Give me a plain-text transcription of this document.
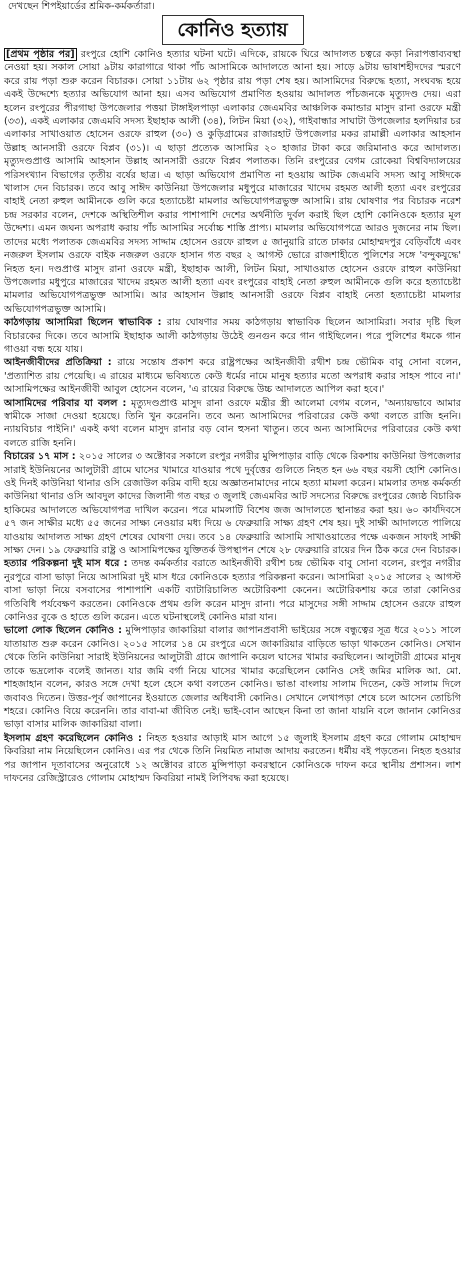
দেখছেন শিপইয়ার্ডের শ্রমিক-কর্মকর্তারা।
কোনিও হত্যায়

[প্রথম পৃষ্ঠার পর] রংপুরে হোশি কোনিও হত্যার ঘটনা ঘটে। এদিকে, রায়কে ঘিরে আদালত চত্বরে কড়া নিরাপত্তাব্যবস্থা নেওয়া হয়। সকাল সোয়া ৯টায় কারাগারে থাকা পাঁচ আসামিকে আদালতে আনা হয়। সাড়ে ৯টায় ভাষাশহীদদের স্মরণে করে রায় পড়া শুরু করেন বিচারক। সোয়া ১১টায় ৬২ পৃষ্ঠার রায় পড়া শেষ হয়। আসামিদের বিরুদ্ধে হত্যা, সংঘবদ্ধ হয়ে একই উদ্দেশ্যে হত্যার অভিযোগ আনা হয়। এসব অভিযোগ প্রমাণিত হওয়ায় আদালত পাঁচজনকে মৃত্যুদণ্ড দেয়। এরা হলেন রংপুরের পীরগাছা উপজেলার পত্তয়া টাঙ্গাইলপাড়া এলাকার জেএমবির আঞ্চলিক কমান্ডার মাসুদ রানা ওরফে মন্ত্রী (৩৩), একই এলাকার জেএমবি সদস্য ইছাহাক আলী (৩৪), লিটন মিয়া (৩২), গাইবান্ধার সাঘাটা উপজেলার হলদিয়ার চর এলাকার সাখাওয়াত হোসেন ওরফে রাহুল (৩০) ও কুড়িগ্রামের রাজারহাট উপজেলার মকর রামাল্লী এলাকার আহসান উল্লাহ আনসারী ওরফে বিপ্লব (৩১)। এ ছাড়া প্রত্যেক আসামির ২০ হাজার টাকা করে জরিমানাও করে আদালত। মৃত্যুদণ্ডপ্রাপ্ত আসামি আহসান উল্লাহ আনসারী ওরফে বিপ্লব পলাতক। তিনি রংপুরের বেগম রোকেয়া বিশ্ববিদ্যালয়ের পরিসংখ্যান বিভাগের তৃতীয় বর্ষের ছাত্র। এ ছাড়া অভিযোগ প্রমাণিত না হওয়ায় আটক জেএমবি সদস্য আবু সাঈদকে খালাস দেন বিচারক। তবে আবু সাঈদ কাউনিয়া উপজেলার মধুপুরে মাজারের খাদেম রহমত আলী হত্যা এবং রংপুরের বাহাই নেতা রুহুল আমীনকে গুলি করে হত্যাচেষ্টা মামলার অভিযোগপত্রভুক্ত আসামি। রায় ঘোষণার পর বিচারক নরেশ চন্দ্র সরকার বলেন, দেশকে অস্থিতিশীল করার পাশাপাশি দেশের অর্থনীতি দুর্বল করাই ছিল হোশি কোনিওকে হত্যার মূল উদ্দেশ্য। এমন জঘন্য অপরাধ করায় পাঁচ আসামির সর্বোচ্চ শাস্তি প্রাপ্য। মামলার অভিযোগপত্রে আরও দুজনের নাম ছিল। তাদের মধ্যে পলাতক জেএমবির সদস্য সাদ্দাম হোসেন ওরফে রাহুল ৫ জানুয়ারি রাতে ঢাকার মোহাম্মদপুর বেড়িবাঁধে এবং নজরুল ইসলাম ওরফে বাইক নজরুল ওরফে হাসান গত বছর ২ আগস্ট ভোরে রাজশাহীতে পুলিশের সঙ্গে 'বন্দুকযুদ্ধে' নিহত হন। দণ্ডপ্রাপ্ত মাসুদ রানা ওরফে মন্ত্রী, ইছাহাক আলী, লিটন মিয়া, সাখাওয়াত হোসেন ওরফে রাহুল কাউনিয়া উপজেলার মধুপুরে মাজারের খাদেম রহমত আলী হত্যা এবং রংপুরের বাহাই নেতা রুহুল আমীনকে গুলি করে হত্যাচেষ্টা মামলার অভিযোগপত্রভুক্ত আসামি। আর আহসান উল্লাহ আনসারী ওরফে বিপ্লব বাহাই নেতা হত্যাচেষ্টা মামলার অভিযোগপত্রভুক্ত আসামি।

কাঠগড়ায় আসামিরা ছিলেন স্বাভাবিক : রায় ঘোষণার সময় কাঠগড়ায় স্বাভাবিক ছিলেন আসামিরা। সবার দৃষ্টি ছিল বিচারকের দিকে। তবে আসামি ইছাহাক আলী কাঠগড়ায় উঠেই গুনগুন করে গান গাইছিলেন। পরে পুলিশের ধমকে গান গাওয়া বন্ধ হয়ে যায়।

আইনজীবীদের প্রতিক্রিয়া : রায়ে সন্তোষ প্রকাশ করে রাষ্ট্রপক্ষের আইনজীবী রথীশ চন্দ্র ভৌমিক বাবু সোনা বলেন, 'প্রত্যাশিত রায় পেয়েছি। এ রায়ের মাধ্যমে ভবিষ্যতে কেউ ধর্মের নামে মানুষ হত্যার মতো অপরাধ করার সাহস পাবে না।' আসামিপক্ষের আইনজীবী আবুল হোসেন বলেন, 'এ রায়ের বিরুদ্ধে উচ্চ আদালতে আপিল করা হবে।'

আসামিদের পরিবার যা বলল : মৃত্যুদণ্ডপ্রাপ্ত মাসুদ রানা ওরফে মন্ত্রীর স্ত্রী আলেমা বেগম বলেন, 'অন্যায়ভাবে আমার স্বামীকে সাজা দেওয়া হয়েছে। তিনি খুন করেননি। তবে অন্য আসামিদের পরিবারের কেউ কথা বলতে রাজি হননি। ন্যায়বিচার পাইনি।' একই কথা বলেন মাসুদ রানার বড় বোন হুসনা খাতুন। তবে অন্য আসামিদের পরিবারের কেউ কথা বলতে রাজি হননি।

বিচারের ১৭ মাস : ২০১৫ সালের ৩ অক্টোবর সকালে রংপুর নগরীর মুন্সিপাড়ার বাড়ি থেকে রিকশায় কাউনিয়া উপজেলার সারাই ইউনিয়নের আলুটারী গ্রামে ঘাসের খামারে যাওয়ার পথে দুর্বৃত্তের গুলিতে নিহত হন ৬৬ বছর বয়সী হোশি কোনিও। ওই দিনই কাউনিয়া থানার ওসি রেজাউল করিম বাদী হয়ে অজ্ঞাতনামাদের নামে হত্যা মামলা করেন। মামলার তদন্ত কর্মকর্তা কাউনিয়া থানার ওসি আবদুল কাদের জিলানী গত বছর ৩ জুলাই জেএমবির আট সদস্যের বিরুদ্ধে রংপুরের জ্যেষ্ঠ বিচারিক হাকিমের আদালতে অভিযোগপত্র দাখিল করেন। পরে মামলাটি বিশেষ জজ আদালতে স্থানান্তর করা হয়। ৬০ কার্যদিবসে ৫৭ জন সাক্ষীর মধ্যে ৫৫ জনের সাক্ষ্য নেওয়ার মধ্য দিয়ে ৬ ফেব্রুয়ারি সাক্ষ্য গ্রহণ শেষ হয়। দুই সাক্ষী আদালতে পালিয়ে যাওয়ায় আদালত সাক্ষ্য গ্রহণ শেষের ঘোষণা দেয়। তবে ১৪ ফেব্রুয়ারি আসামি সাখাওয়াতের পক্ষে একজন সাফাই সাক্ষী সাক্ষ্য দেন। ১৯ ফেব্রুয়ারি রাষ্ট্র ও আসামিপক্ষের যুক্তিতর্ক উপস্থাপন শেষে ২৮ ফেব্রুয়ারি রায়ের দিন ঠিক করে দেন বিচারক।

হত্যার পরিকল্পনা দুই মাস ধরে : তদন্ত কর্মকর্তার বরাতে আইনজীবী রথীশ চন্দ্র ভৌমিক বাবু সোনা বলেন, রংপুর নগরীর নুরপুরে বাসা ভাড়া নিয়ে আসামিরা দুই মাস ধরে কোনিওকে হত্যার পরিকল্পনা করেন। আসামিরা ২০১৫ সালের ২ আগস্ট বাসা ভাড়া নিয়ে বসবাসের পাশাপাশি একটি ব্যাটারিচালিত অটোরিকশা কেনেন। অটোরিকশায় করে তারা কোনিওর গতিবিধি পর্যবেক্ষণ করতেন। কোনিওকে প্রথম গুলি করেন মাসুদ রানা। পরে মাসুদের সঙ্গী সাদ্দাম হোসেন ওরফে রাহুল কোনিওর বুকে ও হাতে গুলি করেন। এতে ঘটনাস্থলেই কোনিও মারা যান।

ভালো লোক ছিলেন কোনিও : মুন্সিপাড়ার জাকারিয়া বালার জাপানপ্রবাসী ভাইয়ের সঙ্গে বন্ধুত্বের সূত্র ধরে ২০১১ সালে যাতায়াত শুরু করেন কোনিও। ২০১৫ সালের ১৪ মে রংপুরে এসে জাকারিয়ার বাড়িতে ভাড়া থাকতেন কোনিও। সেখান থেকে তিনি কাউনিয়া সারাই ইউনিয়নের আলুটারী গ্রামে জাপানি কয়েল ঘাসের খামার করছিলেন। আলুটারী গ্রামের মানুষ তাকে ভদ্রলোক বলেই জানত। যার জমি বর্গা নিয়ে ঘাসের খামার করেছিলেন কোনিও সেই জমির মালিক আ. মো. শাহজাহান বলেন, কারও সঙ্গে দেখা হলে হেসে কথা বলতেন কোনিও। ভাঙা বাংলায় সালাম দিতেন, কেউ সালাম দিলে জবাবও দিতেন। উত্তর-পূর্ব জাপানের ইওয়াতে জেলার অধিবাসী কোনিও। সেখানে লেখাপড়া শেষে চলে আসেন তোচিগি শহরে। কোনিও বিয়ে করেননি। তার বাবা-মা জীবিত নেই। ভাই-বোন আছেন কিনা তা জানা যায়নি বলে জানান কোনিওর ভাড়া বাসার মালিক জাকারিয়া বালা।

ইসলাম গ্রহণ করেছিলেন কোনিও : নিহত হওয়ার আড়াই মাস আগে ১৫ জুলাই ইসলাম গ্রহণ করে গোলাম মোহাম্মদ কিবরিয়া নাম নিয়েছিলেন কোনিও। এর পর থেকে তিনি নিয়মিত নামাজ আদায় করতেন। ধর্মীয় বই পড়তেন। নিহত হওয়ার পর জাপান দূতাবাসের অনুরোধে ১২ অক্টোবর রাতে মুন্সিপাড়া কবরস্থানে কোনিওকে দাফন করে স্থানীয় প্রশাসন। লাশ দাফনের রেজিস্ট্রারেও গোলাম মোহাম্মদ কিবরিয়া নামই লিপিবদ্ধ করা হয়েছে।
